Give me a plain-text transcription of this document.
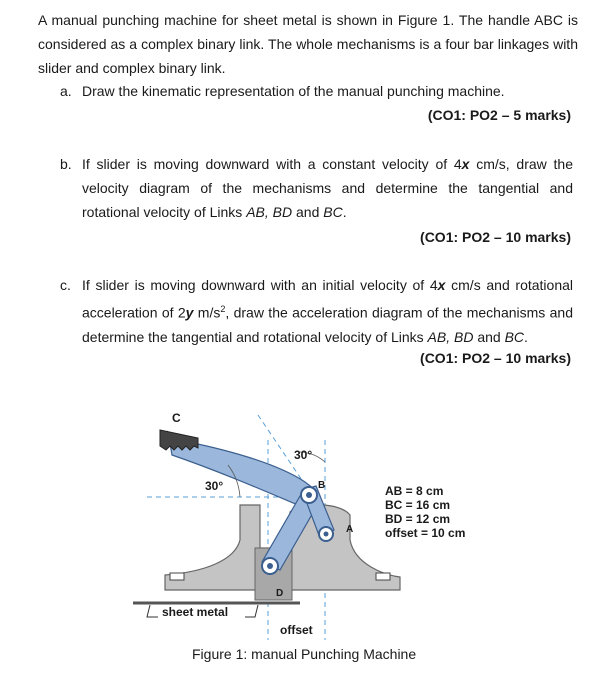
A manual punching machine for sheet metal is shown in Figure 1. The handle ABC is considered as a complex binary link. The whole mechanisms is a four bar linkages with slider and complex binary link.
a. Draw the kinematic representation of the manual punching machine.
(CO1: PO2 – 5 marks)
b. If slider is moving downward with a constant velocity of 4x cm/s, draw the velocity diagram of the mechanisms and determine the tangential and rotational velocity of Links AB, BD and BC.
(CO1: PO2 – 10 marks)
c. If slider is moving downward with an initial velocity of 4x cm/s and rotational acceleration of 2y $m/s^2$, draw the acceleration diagram of the mechanisms and determine the tangential and rotational velocity of Links AB, BD and BC.
(CO1: PO2 – 10 marks)
C
B
A
D
30°
30°
sheet metal
offset
AB = 8 cm
BC = 16 cm
BD = 12 cm
offset = 10 cm
Figure 1: manual Punching Machine
